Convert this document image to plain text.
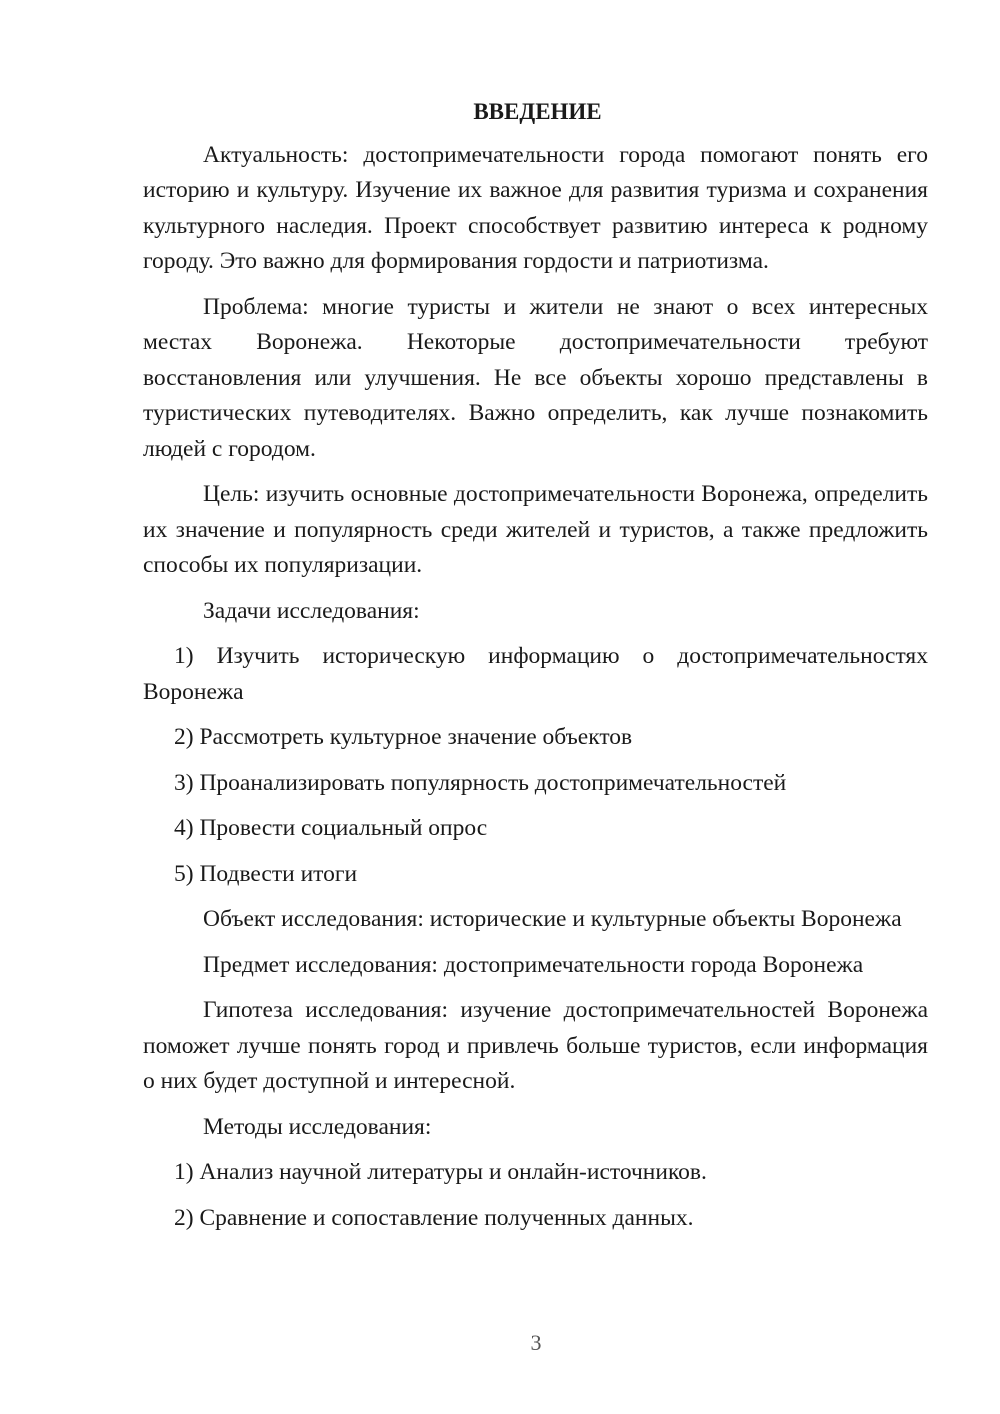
ВВЕДЕНИЕ

Актуальность: достопримечательности города помогают понять его историю и культуру. Изучение их важное для развития туризма и сохранения культурного наследия. Проект способствует развитию интереса к родному городу. Это важно для формирования гордости и патриотизма.

Проблема: многие туристы и жители не знают о всех интересных местах Воронежа. Некоторые достопримечательности требуют восстановления или улучшения. Не все объекты хорошо представлены в туристических путеводителях. Важно определить, как лучше познакомить людей с городом.

Цель: изучить основные достопримечательности Воронежа, определить их значение и популярность среди жителей и туристов, а также предложить способы их популяризации.

Задачи исследования:

1) Изучить историческую информацию о достопримечательностях Воронежа

2) Рассмотреть культурное значение объектов

3) Проанализировать популярность достопримечательностей

4) Провести социальный опрос

5) Подвести итоги

Объект исследования: исторические и культурные объекты Воронежа

Предмет исследования: достопримечательности города Воронежа

Гипотеза исследования: изучение достопримечательностей Воронежа поможет лучше понять город и привлечь больше туристов, если информация о них будет доступной и интересной.

Методы исследования:

1) Анализ научной литературы и онлайн-источников.

2) Сравнение и сопоставление полученных данных.

3
